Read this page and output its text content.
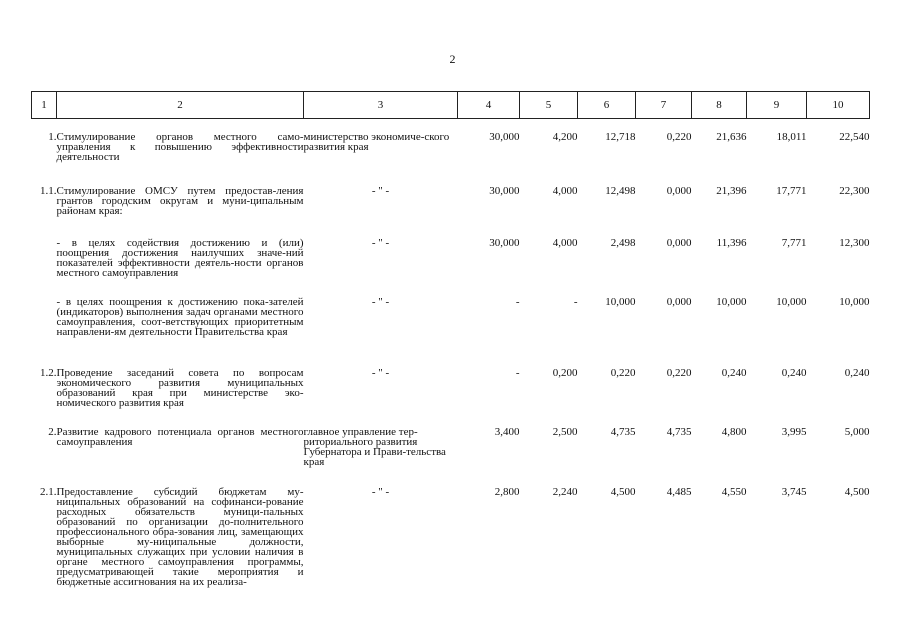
2
1	2	3	4	5	6	7	8	9	10
1.	Стимулирование органов местного само-управления к повышению эффективности деятельности	министерство экономиче-ского развития края	30,000	4,200	12,718	0,220	21,636	18,011	22,540
1.1.	Стимулирование ОМСУ путем предостав-ления грантов городским округам и муни-ципальным районам края:	- " -	30,000	4,000	12,498	0,000	21,396	17,771	22,300
	- в целях содействия достижению и (или) поощрения достижения наилучших значе-ний показателей эффективности деятель-ности органов местного самоуправления	- " -	30,000	4,000	2,498	0,000	11,396	7,771	12,300
	- в целях поощрения к достижению пока-зателей (индикаторов) выполнения задач органами местного самоуправления, соот-ветствующих приоритетным направлени-ям деятельности Правительства края	- " -	-	-	10,000	0,000	10,000	10,000	10,000
1.2.	Проведение заседаний совета по вопросам экономического развития муниципальных образований края при министерстве эко-номического развития края	- " -	-	0,200	0,220	0,220	0,240	0,240	0,240
2.	Развитие кадрового потенциала органов местного самоуправления	главное управление тер-риториального развития Губернатора и Прави-тельства края	3,400	2,500	4,735	4,735	4,800	3,995	5,000
2.1.	Предоставление субсидий бюджетам му-ниципальных образований на софинанси-рование расходных обязательств муници-пальных образований по организации до-полнительного профессионального обра-зования лиц, замещающих выборные му-ниципальные должности, муниципальных служащих при условии наличия в органе местного самоуправления программы, предусматривающей такие мероприятия и бюджетные ассигнования на их реализа-	- " -	2,800	2,240	4,500	4,485	4,550	3,745	4,500
